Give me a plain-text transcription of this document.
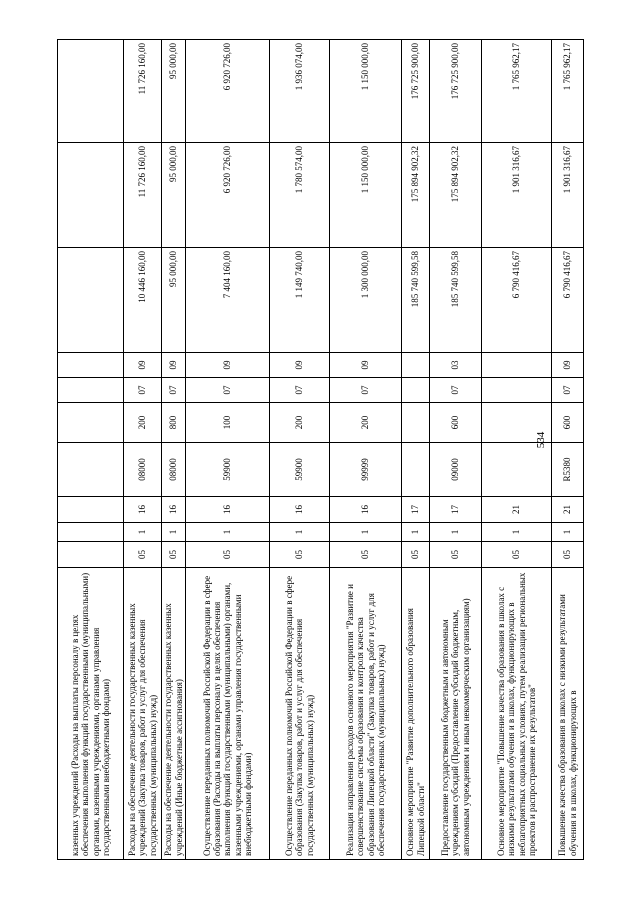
534
казенных учреждений (Расходы на выплаты персоналу в целях обеспечения выполнения функций государственными (муниципальными) органами, казенными учреждениями, органами управления государственными внебюджетными фондами)										
Расходы на обеспечение деятельности государственных казенных учреждений (Закупка товаров, работ и услуг для обеспечения государственных (муниципальных) нужд)	05	1	16	08000	200	07	09	10 446 160,00	11 726 160,00	11 726 160,00
Расходы на обеспечение деятельности государственных казенных учреждений (Иные бюджетные ассигнования)	05	1	16	08000	800	07	09	95 000,00	95 000,00	95 000,00
Осуществление переданных полномочий Российской Федерации в сфере образования (Расходы на выплаты персоналу в целях обеспечения выполнения функций государственными (муниципальными) органами, казенными учреждениями, органами управления государственными внебюджетными фондами)	05	1	16	59900	100	07	09	7 404 160,00	6 920 726,00	6 920 726,00
Осуществление переданных полномочий Российской Федерации в сфере образования (Закупка товаров, работ и услуг для обеспечения государственных (муниципальных) нужд)	05	1	16	59900	200	07	09	1 149 740,00	1 780 574,00	1 936 074,00
Реализация направления расходов основного мероприятия "Развитие и совершенствование системы образования и контроля качества образования Липецкой области" (Закупка товаров, работ и услуг для обеспечения государственных (муниципальных) нужд)	05	1	16	99999	200	07	09	1 300 000,00	1 150 000,00	1 150 000,00
Основное мероприятие "Развитие дополнительного образования Липецкой области"	05	1	17					185 740 599,58	175 894 902,32	176 725 900,00
Предоставление государственным бюджетным и автономным учреждениям субсидий (Предоставление субсидий бюджетным, автономным учреждениям и иным некоммерческим организациям)	05	1	17	09000	600	07	03	185 740 599,58	175 894 902,32	176 725 900,00
Основное мероприятие "Повышение качества образования в школах с низкими результатами обучения и в школах, функционирующих в неблагоприятных социальных условиях, путем реализации региональных проектов и распространение их результатов"	05	1	21					6 790 416,67	1 901 316,67	1 765 962,17
Повышение качества образования в школах с низкими результатами обучения и в школах, функционирующих в	05	1	21	R5380	600	07	09	6 790 416,67	1 901 316,67	1 765 962,17
